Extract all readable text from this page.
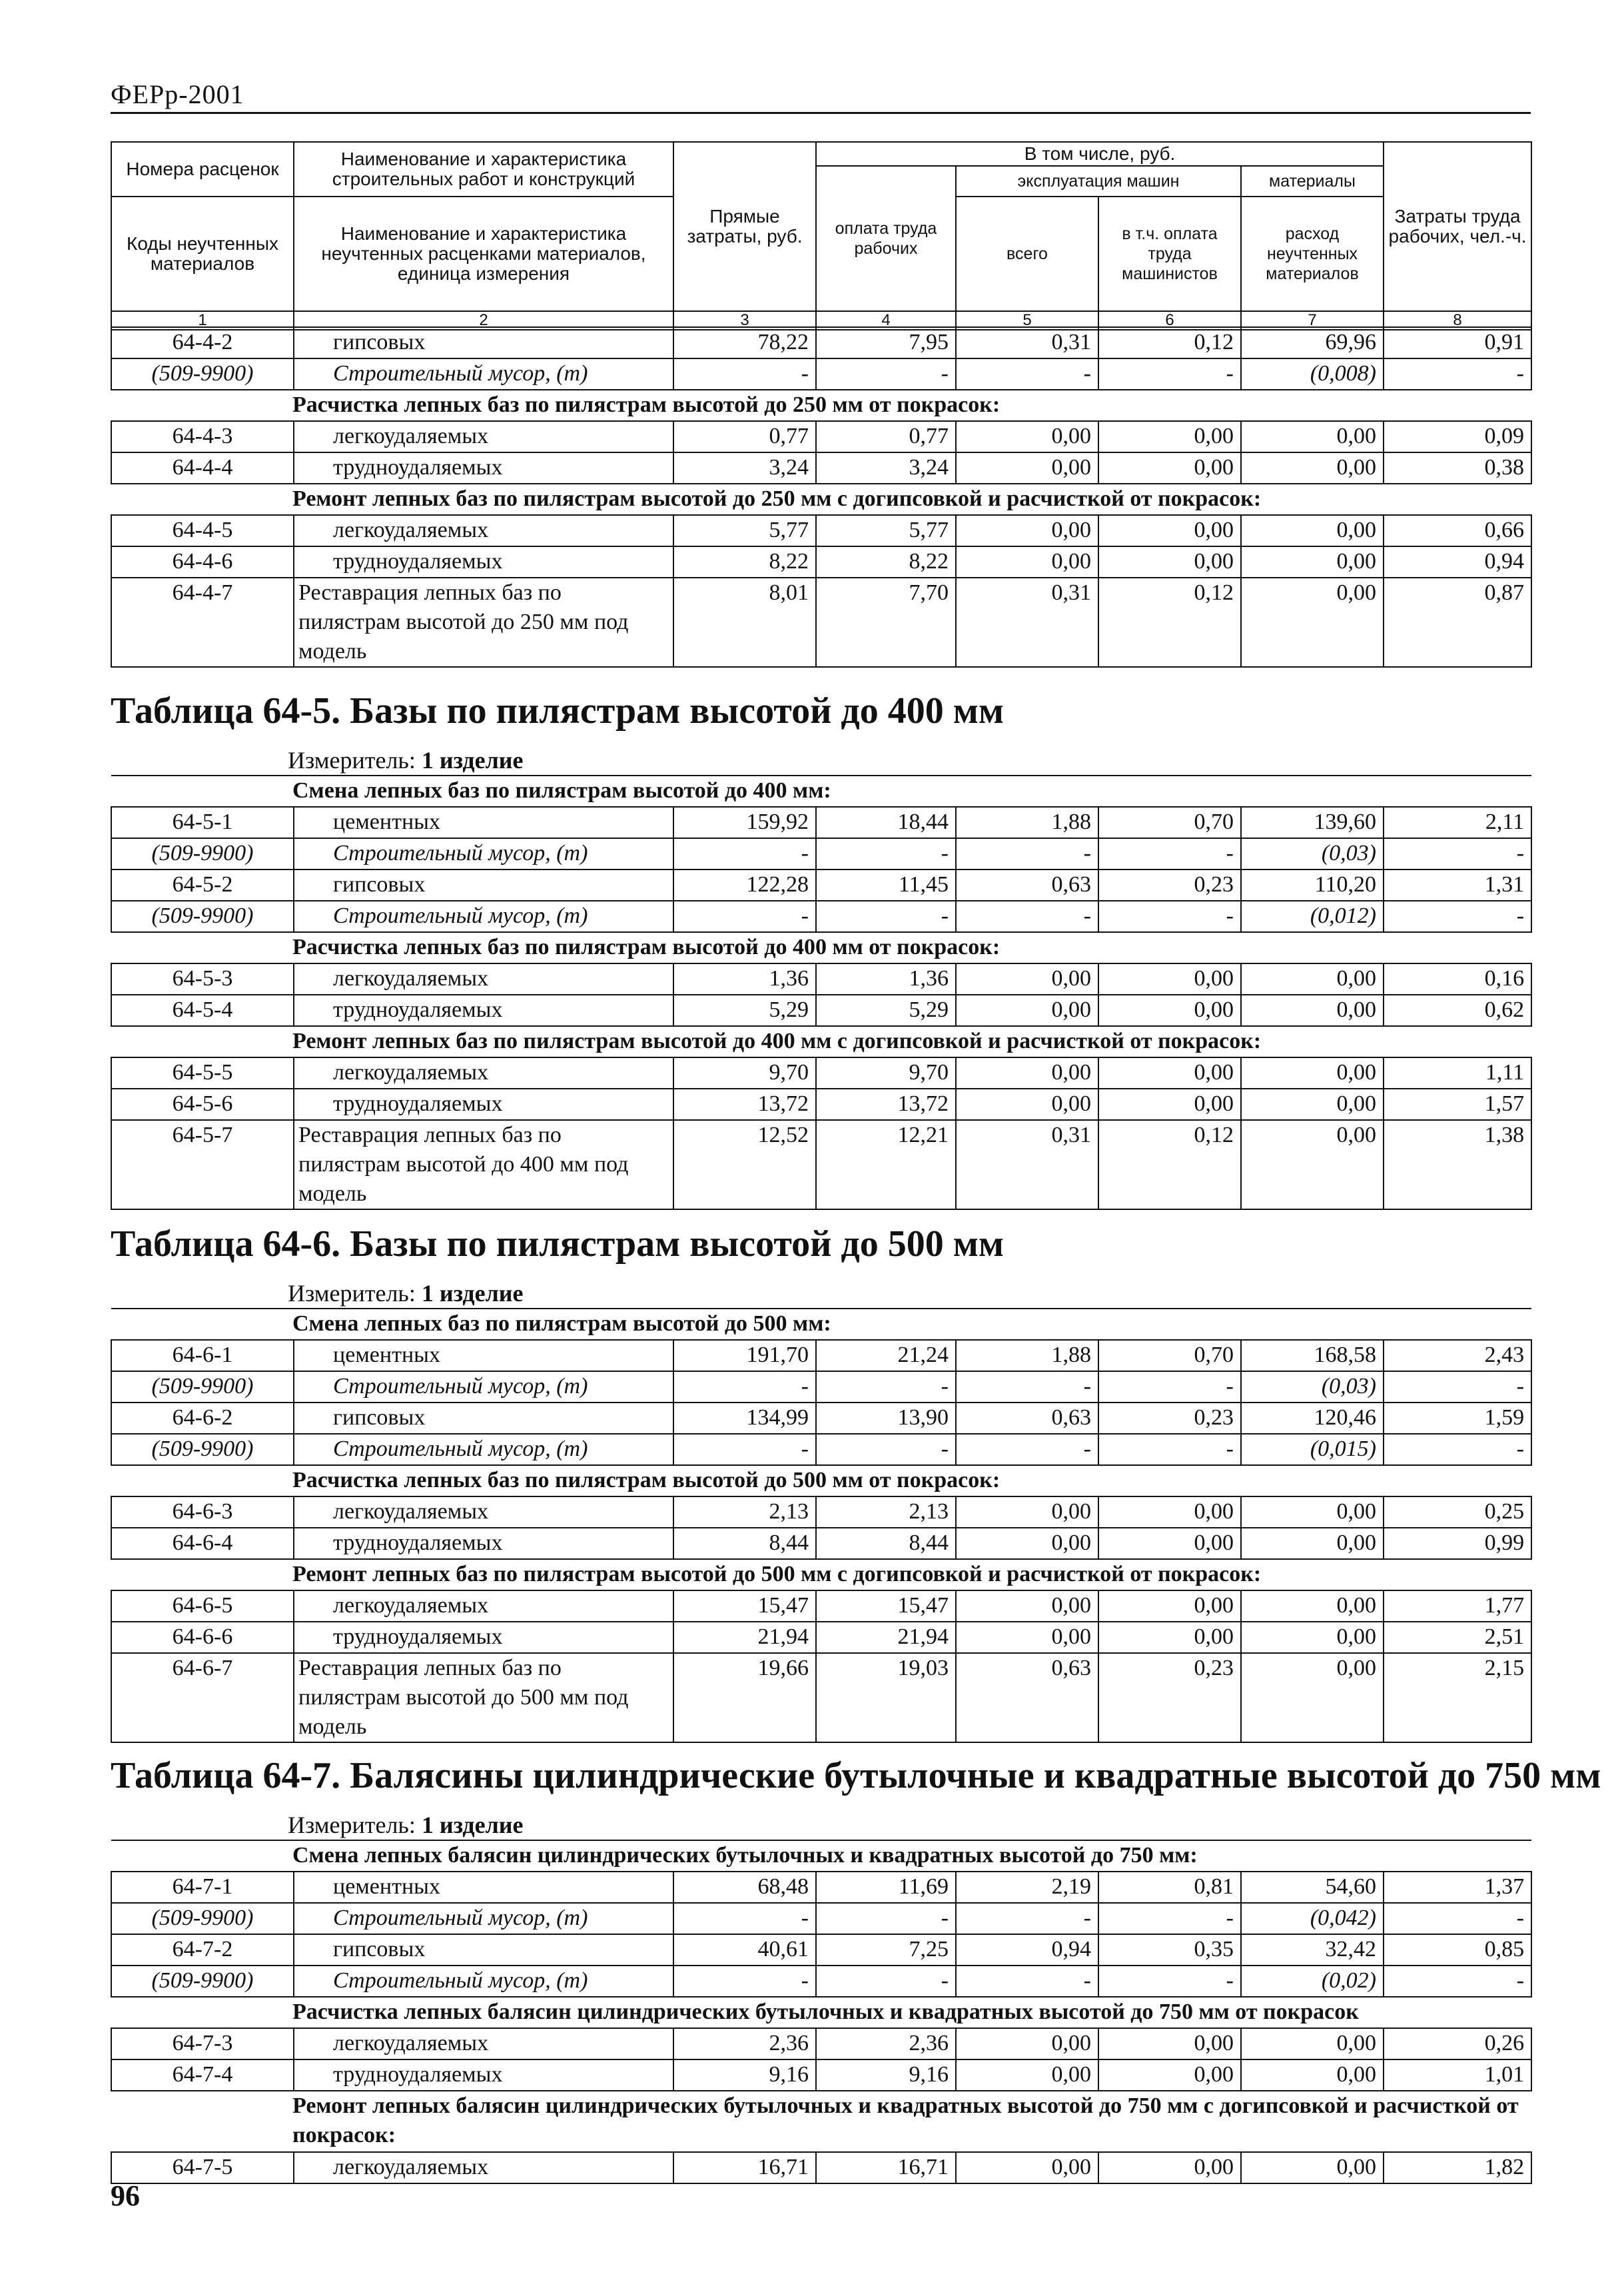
ФЕРр-2001
Номера расценок	Наименование и характеристика строительных работ и конструкций	Прямые затраты, руб.	В том числе, руб.				Затраты труда рабочих, чел.-ч.
			оплата труда рабочих	эксплуатация машин		материалы	
Коды неучтенных материалов	Наименование и характеристика неучтенных расценками материалов, единица измерения			всего	в т.ч. оплата труда машинистов	расход неучтенных материалов	

1	2	3	4	5	6	7	8
64-4-2	гипсовых	78,22	7,95	0,31	0,12	69,96	0,91
(509-9900)	Строительный мусор, (т)	-	-	-	-	(0,008)	-
Расчистка лепных баз по пилястрам высотой до 250 мм от покрасок:							
64-4-3	легкоудаляемых	0,77	0,77	0,00	0,00	0,00	0,09
64-4-4	трудноудаляемых	3,24	3,24	0,00	0,00	0,00	0,38
Ремонт лепных баз по пилястрам высотой до 250 мм с догипсовкой и расчисткой от покрасок:							
64-4-5	легкоудаляемых	5,77	5,77	0,00	0,00	0,00	0,66
64-4-6	трудноудаляемых	8,22	8,22	0,00	0,00	0,00	0,94
64-4-7	Реставрация лепных баз по пилястрам высотой до 250 мм под модель	8,01	7,70	0,31	0,12	0,00	0,87
Таблица 64-5. Базы по пилястрам высотой до 400 мм
Измеритель: 1 изделие
Смена лепных баз по пилястрам высотой до 400 мм:							
64-5-1	цементных	159,92	18,44	1,88	0,70	139,60	2,11
(509-9900)	Строительный мусор, (т)	-	-	-	-	(0,03)	-
64-5-2	гипсовых	122,28	11,45	0,63	0,23	110,20	1,31
(509-9900)	Строительный мусор, (т)	-	-	-	-	(0,012)	-
Расчистка лепных баз по пилястрам высотой до 400 мм от покрасок:							
64-5-3	легкоудаляемых	1,36	1,36	0,00	0,00	0,00	0,16
64-5-4	трудноудаляемых	5,29	5,29	0,00	0,00	0,00	0,62
Ремонт лепных баз по пилястрам высотой до 400 мм с догипсовкой и расчисткой от покрасок:							
64-5-5	легкоудаляемых	9,70	9,70	0,00	0,00	0,00	1,11
64-5-6	трудноудаляемых	13,72	13,72	0,00	0,00	0,00	1,57
64-5-7	Реставрация лепных баз по пилястрам высотой до 400 мм под модель	12,52	12,21	0,31	0,12	0,00	1,38
Таблица 64-6. Базы по пилястрам высотой до 500 мм
Измеритель: 1 изделие
Смена лепных баз по пилястрам высотой до 500 мм:							
64-6-1	цементных	191,70	21,24	1,88	0,70	168,58	2,43
(509-9900)	Строительный мусор, (т)	-	-	-	-	(0,03)	-
64-6-2	гипсовых	134,99	13,90	0,63	0,23	120,46	1,59
(509-9900)	Строительный мусор, (т)	-	-	-	-	(0,015)	-
Расчистка лепных баз по пилястрам высотой до 500 мм от покрасок:							
64-6-3	легкоудаляемых	2,13	2,13	0,00	0,00	0,00	0,25
64-6-4	трудноудаляемых	8,44	8,44	0,00	0,00	0,00	0,99
Ремонт лепных баз по пилястрам высотой до 500 мм с догипсовкой и расчисткой от покрасок:							
64-6-5	легкоудаляемых	15,47	15,47	0,00	0,00	0,00	1,77
64-6-6	трудноудаляемых	21,94	21,94	0,00	0,00	0,00	2,51
64-6-7	Реставрация лепных баз по пилястрам высотой до 500 мм под модель	19,66	19,03	0,63	0,23	0,00	2,15
Таблица 64-7. Балясины цилиндрические бутылочные и квадратные высотой до 750 мм
Измеритель: 1 изделие
Смена лепных балясин цилиндрических бутылочных и квадратных высотой до 750 мм:							
64-7-1	цементных	68,48	11,69	2,19	0,81	54,60	1,37
(509-9900)	Строительный мусор, (т)	-	-	-	-	(0,042)	-
64-7-2	гипсовых	40,61	7,25	0,94	0,35	32,42	0,85
(509-9900)	Строительный мусор, (т)	-	-	-	-	(0,02)	-
Расчистка лепных балясин цилиндрических бутылочных и квадратных высотой до 750 мм от покрасок							
64-7-3	легкоудаляемых	2,36	2,36	0,00	0,00	0,00	0,26
64-7-4	трудноудаляемых	9,16	9,16	0,00	0,00	0,00	1,01
Ремонт лепных балясин цилиндрических бутылочных и квадратных высотой до 750 мм с догипсовкой и расчисткой от покрасок:							
64-7-5	легкоудаляемых	16,71	16,71	0,00	0,00	0,00	1,82
96
